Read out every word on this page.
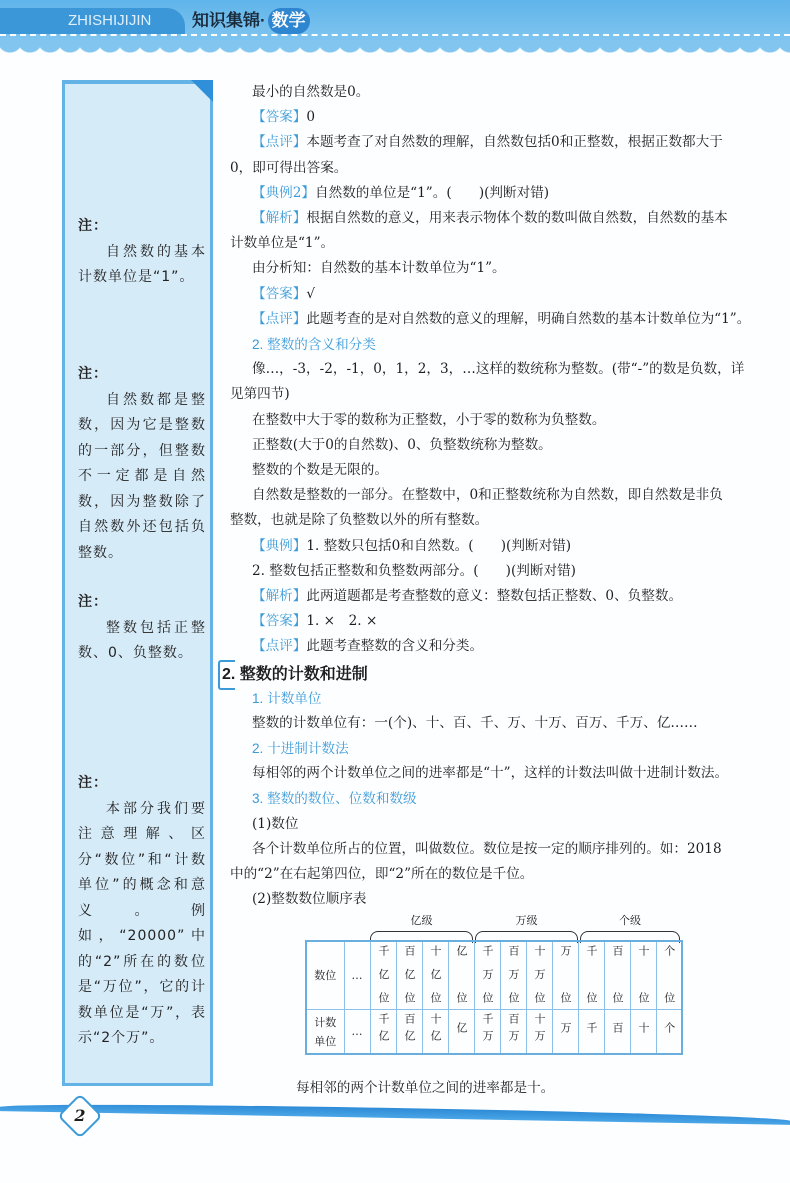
ZHISHIJIJIN	知识集锦· 数学
注：
自然数的基本计数单位是“1”。
注：
自然数都是整数，因为它是整数的一部分，但整数不一定都是自然数，因为整数除了自然数外还包括负整数。
注：
整数包括正整数、0、负整数。
注：
本部分我们要注意理解、区分“数位”和“计数单位”的概念和意义。例如，“20000”中的“2”所在的数位是“万位”，它的计数单位是“万”，表示“2个万”。
最小的自然数是0。
【答案】0
【点评】本题考查了对自然数的理解，自然数包括0和正整数，根据正数都大于
0，即可得出答案。
【典例2】自然数的单位是“1”。(　　)(判断对错)
【解析】根据自然数的意义，用来表示物体个数的数叫做自然数，自然数的基本
计数单位是“1”。
由分析知：自然数的基本计数单位为“1”。
【答案】√
【点评】此题考查的是对自然数的意义的理解，明确自然数的基本计数单位为“1”。
2. 整数的含义和分类
像…，-3，-2，-1，0，1，2，3，…这样的数统称为整数。(带“-”的数是负数，详
见第四节)
在整数中大于零的数称为正整数，小于零的数称为负整数。
正整数(大于0的自然数)、0、负整数统称为整数。
整数的个数是无限的。
自然数是整数的一部分。在整数中，0和正整数统称为自然数，即自然数是非负
整数，也就是除了负整数以外的所有整数。
【典例】1. 整数只包括0和自然数。(　　)(判断对错)
2. 整数包括正整数和负整数两部分。(　　)(判断对错)
【解析】此两道题都是考查整数的意义：整数包括正整数、0、负整数。
【答案】1. ×　2. ×
【点评】此题考查整数的含义和分类。
2. 整数的计数和进制
1. 计数单位
整数的计数单位有：一(个)、十、百、千、万、十万、百万、千万、亿……
2. 十进制计数法
每相邻的两个计数单位之间的进率都是“十”，这样的计数法叫做十进制计数法。
3. 整数的数位、位数和数级
(1)数位
各个计数单位所占的位置，叫做数位。数位是按一定的顺序排列的。如：2018
中的“2”在右起第四位，即“2”所在的数位是千位。
(2)整数数位顺序表
亿级	万级	个级
数位	…	千亿位	百亿位	十亿位	亿位	千万位	百万位	十万位	万位	千位	百位	十位	个位
计数单位	…	千亿	百亿	十亿	亿	千万	百万	十万	万	千	百	十	个
每相邻的两个计数单位之间的进率都是十。
2
